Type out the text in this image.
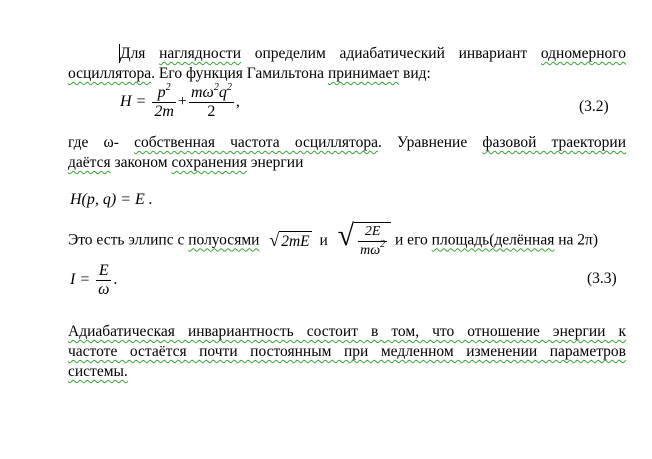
Для наглядности определим адиабатический инвариант одномерного
осциллятора. Его функция Гамильтона принимает вид:
$H = \frac{p^2}{2m} + \frac{m\omega^2q^2}{2}$ ,	(3.2)
где ω- собственная частота осциллятора. Уравнение фазовой траектории
даётся законом сохранения энергии
H(p, q) = E .
Это есть эллипс с полуосями √ 2mE и √ $\frac{2E}{m\omega^2}$ и его площадь(делённая на 2π)
$I = \frac{E}{\omega}$ .	(3.3)
Адиабатическая инвариантность состоит в том, что отношение энергии к
частоте остаётся почти постоянным при медленном изменении параметров
системы.
